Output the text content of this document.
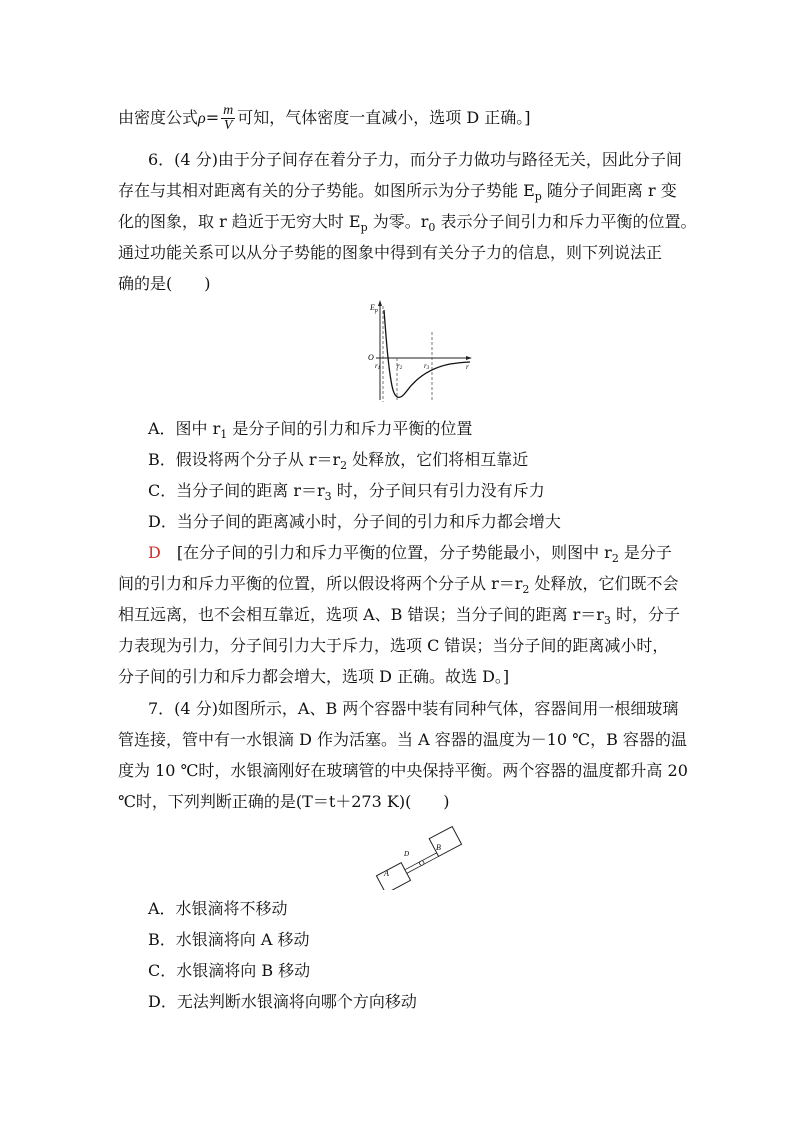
由密度公式$\rho= \frac{m}{V}$ 可知，气体密度一直减小，选项 D 正确。]
6．(4 分)由于分子间存在着分子力，而分子力做功与路径无关，因此分子间
存在与其相对距离有关的分子势能。如图所示为分子势能 $E_p$ 随分子间距离 r 变
化的图象，取 r 趋近于无穷大时 $E_p$ 为零。$r_0$ 表示分子间引力和斥力平衡的位置。
通过功能关系可以从分子势能的图象中得到有关分子力的信息，则下列说法正
确的是(　　)
$E_p$
O
r1 r2	r3	r
A．图中 $r_1$ 是分子间的引力和斥力平衡的位置
B．假设将两个分子从 $r=r_2$ 处释放，它们将相互靠近
C．当分子间的距离 $r=r_3$ 时，分子间只有引力没有斥力
D．当分子间的距离减小时，分子间的引力和斥力都会增大
D　 [在分子间的引力和斥力平衡的位置，分子势能最小，则图中 $r_2$ 是分子
间的引力和斥力平衡的位置，所以假设将两个分子从 $r=r_2$ 处释放，它们既不会
相互远离，也不会相互靠近，选项 A、B 错误；当分子间的距离 $r=r_3$ 时，分子
力表现为引力，分子间引力大于斥力，选项 C 错误；当分子间的距离减小时，
分子间的引力和斥力都会增大，选项 D 正确。故选 D。]
7．(4 分)如图所示，A、B 两个容器中装有同种气体，容器间用一根细玻璃
管连接，管中有一水银滴 D 作为活塞。当 A 容器的温度为－10 ℃，B 容器的温
度为 10 ℃时，水银滴刚好在玻璃管的中央保持平衡。两个容器的温度都升高 20
℃时，下列判断正确的是(T＝t＋273 K)(　　)
A
B
D
A．水银滴将不移动
B．水银滴将向 A 移动
C．水银滴将向 B 移动
D．无法判断水银滴将向哪个方向移动
